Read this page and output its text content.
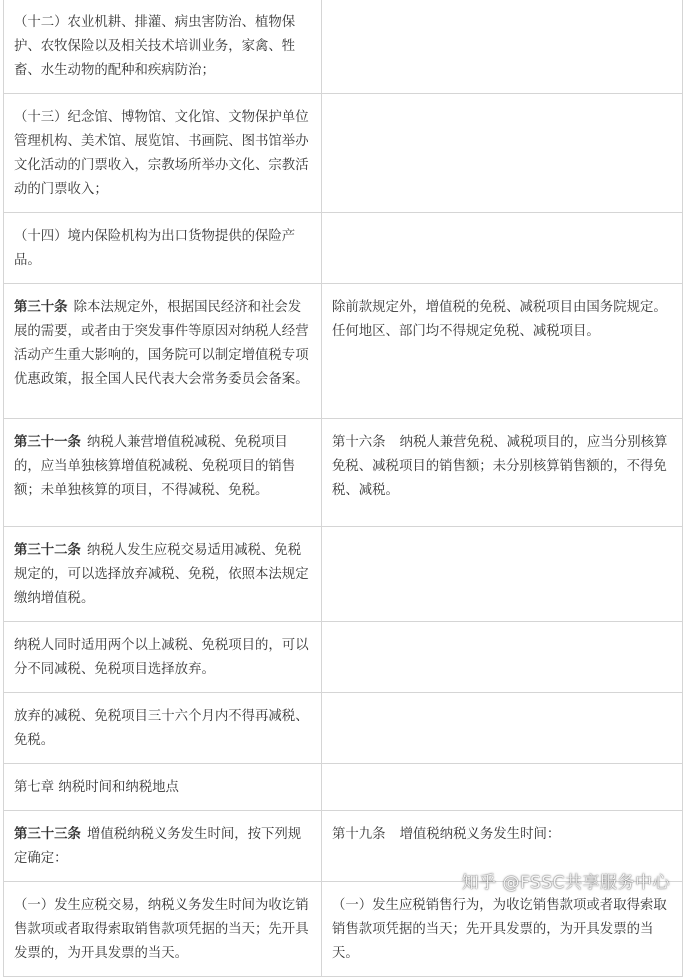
（十二）农业机耕、排灌、病虫害防治、植物保护、农牧保险以及相关技术培训业务，家禽、牲畜、水生动物的配种和疾病防治；	
（十三）纪念馆、博物馆、文化馆、文物保护单位管理机构、美术馆、展览馆、书画院、图书馆举办文化活动的门票收入，宗教场所举办文化、宗教活动的门票收入；	
（十四）境内保险机构为出口货物提供的保险产品。	
第三十条 除本法规定外，根据国民经济和社会发展的需要，或者由于突发事件等原因对纳税人经营活动产生重大影响的，国务院可以制定增值税专项优惠政策，报全国人民代表大会常务委员会备案。	除前款规定外，增值税的免税、减税项目由国务院规定。任何地区、部门均不得规定免税、减税项目。
第三十一条 纳税人兼营增值税减税、免税项目的，应当单独核算增值税减税、免税项目的销售额；未单独核算的项目，不得减税、免税。	第十六条 纳税人兼营免税、减税项目的，应当分别核算免税、减税项目的销售额；未分别核算销售额的，不得免税、减税。
第三十二条 纳税人发生应税交易适用减税、免税规定的，可以选择放弃减税、免税，依照本法规定缴纳增值税。	
纳税人同时适用两个以上减税、免税项目的，可以分不同减税、免税项目选择放弃。	
放弃的减税、免税项目三十六个月内不得再减税、免税。	
第七章 纳税时间和纳税地点	
第三十三条 增值税纳税义务发生时间，按下列规定确定：	第十九条 增值税纳税义务发生时间：
（一）发生应税交易，纳税义务发生时间为收讫销售款项或者取得索取销售款项凭据的当天；先开具发票的，为开具发票的当天。	（一）发生应税销售行为，为收讫销售款项或者取得索取销售款项凭据的当天；先开具发票的，为开具发票的当天。
知乎 @FSSC共享服务中心
